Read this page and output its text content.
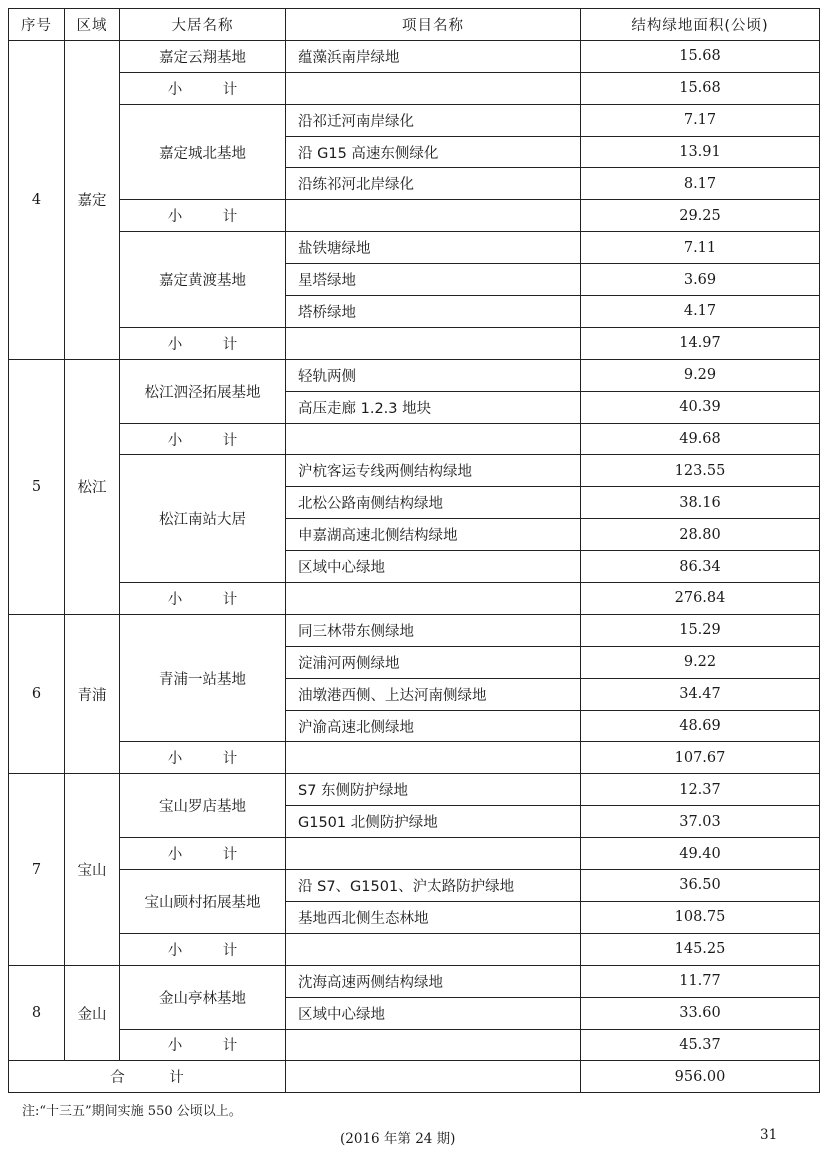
序号	区域	大居名称	项目名称	结构绿地面积(公顷)
4	嘉定	嘉定云翔基地	蕴藻浜南岸绿地	15.68
		小 计		15.68
		嘉定城北基地	沿祁迁河南岸绿化	7.17
			沿 G15 高速东侧绿化	13.91
			沿练祁河北岸绿化	8.17
		小 计		29.25
		嘉定黄渡基地	盐铁塘绿地	7.11
			星塔绿地	3.69
			塔桥绿地	4.17
		小 计		14.97
5	松江	松江泗泾拓展基地	轻轨两侧	9.29
			高压走廊 1.2.3 地块	40.39
		小 计		49.68
		松江南站大居	沪杭客运专线两侧结构绿地	123.55
			北松公路南侧结构绿地	38.16
			申嘉湖高速北侧结构绿地	28.80
			区域中心绿地	86.34
		小 计		276.84
6	青浦	青浦一站基地	同三林带东侧绿地	15.29
			淀浦河两侧绿地	9.22
			油墩港西侧、上达河南侧绿地	34.47
			沪渝高速北侧绿地	48.69
		小 计		107.67
7	宝山	宝山罗店基地	S7 东侧防护绿地	12.37
			G1501 北侧防护绿地	37.03
		小 计		49.40
		宝山顾村拓展基地	沿 S7、G1501、沪太路防护绿地	36.50
			基地西北侧生态林地	108.75
		小 计		145.25
8	金山	金山亭林基地	沈海高速两侧结构绿地	11.77
			区域中心绿地	33.60
		小 计		45.37
合 计				956.00
注:“十三五”期间实施 550 公顷以上。
(2016 年第 24 期)	31
